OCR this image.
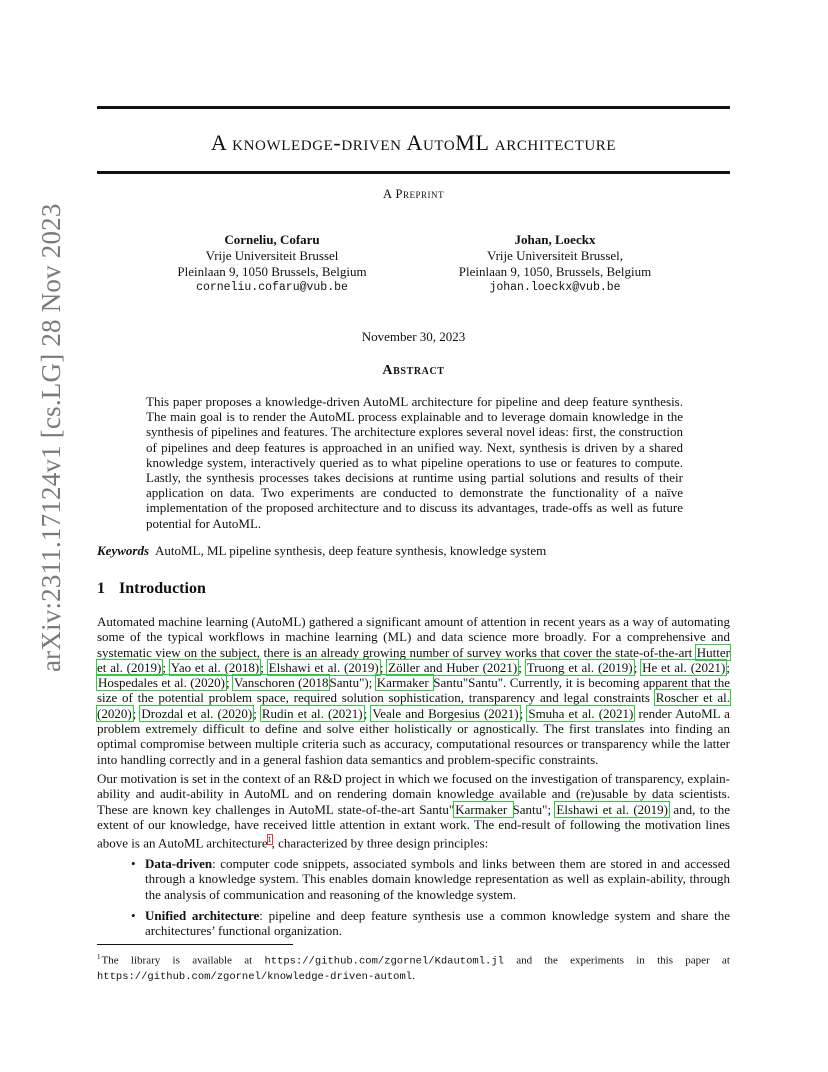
arXiv:2311.17124v1 [cs.LG] 28 Nov 2023
A knowledge-driven AutoML architecture
A Preprint
Corneliu, Cofaru
Vrije Universiteit Brussel
Pleinlaan 9, 1050 Brussels, Belgium
corneliu.cofaru@vub.be
Johan, Loeckx
Vrije Universiteit Brussel,
Pleinlaan 9, 1050, Brussels, Belgium
johan.loeckx@vub.be
November 30, 2023
Abstract
This paper proposes a knowledge-driven AutoML architecture for pipeline and deep feature synthesis. The main goal is to render the AutoML process explainable and to leverage domain knowledge in the synthesis of pipelines and features. The architecture explores several novel ideas: first, the construction of pipelines and deep features is approached in an unified way. Next, synthesis is driven by a shared knowledge system, interactively queried as to what pipeline operations to use or features to compute. Lastly, the synthesis processes takes decisions at runtime using partial solutions and results of their application on data. Two experiments are conducted to demonstrate the functionality of a naïve implementation of the proposed architecture and to discuss its advantages, trade-offs as well as future potential for AutoML.
Keywords AutoML, ML pipeline synthesis, deep feature synthesis, knowledge system
1 Introduction
Automated machine learning (AutoML) gathered a significant amount of attention in recent years as a way of automating some of the typical workflows in machine learning (ML) and data science more broadly. For a comprehensive and systematic view on the subject, there is an already growing number of survey works that cover the state-of-the-art Hutter et al. (2019); Yao et al. (2018); Elshawi et al. (2019); Zöller and Huber (2021); Truong et al. (2019); He et al. (2021); Hospedales et al. (2020); Vanschoren (2018Santu"); Karmaker Santu"Santu". Currently, it is becoming apparent that the size of the potential problem space, required solution sophistication, transparency and legal constraints Roscher et al. (2020); Drozdal et al. (2020); Rudin et al. (2021); Veale and Borgesius (2021); Smuha et al. (2021) render AutoML a problem extremely difficult to define and solve either holistically or agnostically. The first translates into finding an optimal compromise between multiple criteria such as accuracy, computational resources or transparency while the latter into handling correctly and in a general fashion data semantics and problem-specific constraints.
Our motivation is set in the context of an R&D project in which we focused on the investigation of transparency, explain-ability and audit-ability in AutoML and on rendering domain knowledge available and (re)usable by data scientists. These are known key challenges in AutoML state-of-the-art Santu"Karmaker Santu"; Elshawi et al. (2019) and, to the extent of our knowledge, have received little attention in extant work. The end-result of following the motivation lines above is an AutoML architecture$^1$, characterized by three design principles:
• Data-driven: computer code snippets, associated symbols and links between them are stored in and accessed through a knowledge system. This enables domain knowledge representation as well as explain-ability, through the analysis of communication and reasoning of the knowledge system.
• Unified architecture: pipeline and deep feature synthesis use a common knowledge system and share the architectures’ functional organization.
$^1$The library is available at https://github.com/zgornel/Kdautoml.jl and the experiments in this paper at https://github.com/zgornel/knowledge-driven-automl.
